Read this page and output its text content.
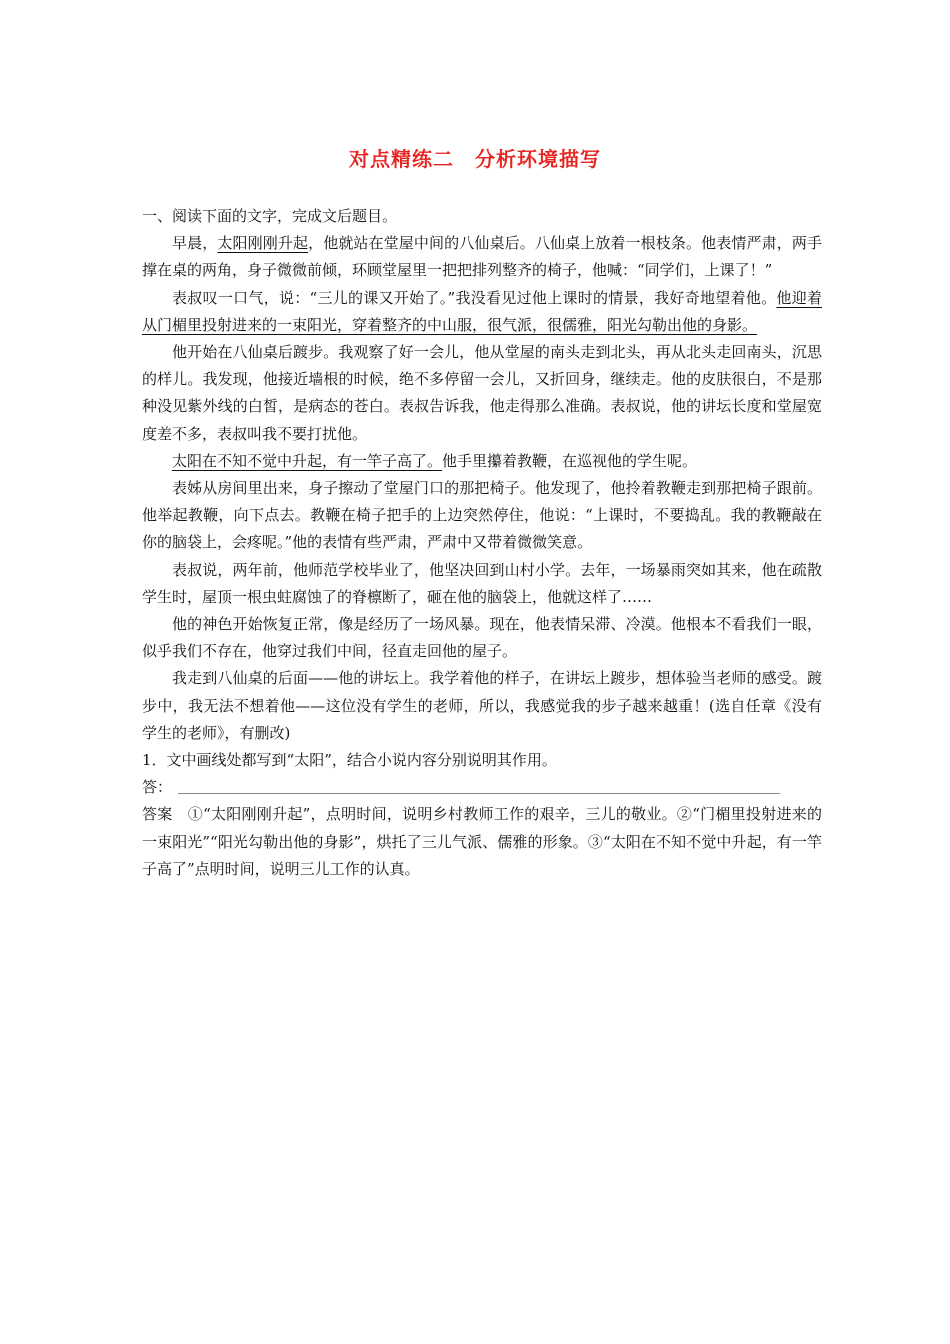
对点精练二　分析环境描写

一、阅读下面的文字，完成文后题目。

早晨，太阳刚刚升起，他就站在堂屋中间的八仙桌后。八仙桌上放着一根枝条。他表情严肃，两手撑在桌的两角，身子微微前倾，环顾堂屋里一把把排列整齐的椅子，他喊：“同学们，上课了！”

表叔叹一口气，说：“三儿的课又开始了。”我没看见过他上课时的情景，我好奇地望着他。他迎着从门楣里投射进来的一束阳光，穿着整齐的中山服，很气派，很儒雅，阳光勾勒出他的身影。

他开始在八仙桌后踱步。我观察了好一会儿，他从堂屋的南头走到北头，再从北头走回南头，沉思的样儿。我发现，他接近墙根的时候，绝不多停留一会儿，又折回身，继续走。他的皮肤很白，不是那种没见紫外线的白皙，是病态的苍白。表叔告诉我，他走得那么准确。表叔说，他的讲坛长度和堂屋宽度差不多，表叔叫我不要打扰他。

太阳在不知不觉中升起，有一竿子高了。他手里攥着教鞭，在巡视他的学生呢。

表姊从房间里出来，身子擦动了堂屋门口的那把椅子。他发现了，他拎着教鞭走到那把椅子跟前。他举起教鞭，向下点去。教鞭在椅子把手的上边突然停住，他说：“上课时，不要捣乱。我的教鞭敲在你的脑袋上，会疼呢。”他的表情有些严肃，严肃中又带着微微笑意。

表叔说，两年前，他师范学校毕业了，他坚决回到山村小学。去年，一场暴雨突如其来，他在疏散学生时，屋顶一根虫蛀腐蚀了的脊檩断了，砸在他的脑袋上，他就这样了……

他的神色开始恢复正常，像是经历了一场风暴。现在，他表情呆滞、冷漠。他根本不看我们一眼，似乎我们不存在，他穿过我们中间，径直走回他的屋子。

我走到八仙桌的后面——他的讲坛上。我学着他的样子，在讲坛上踱步，想体验当老师的感受。踱步中，我无法不想着他——这位没有学生的老师，所以，我感觉我的步子越来越重！(选自任章《没有学生的老师》，有删改)

1．文中画线处都写到“太阳”，结合小说内容分别说明其作用。

答：

答案　①“太阳刚刚升起”，点明时间，说明乡村教师工作的艰辛，三儿的敬业。②“门楣里投射进来的一束阳光”“阳光勾勒出他的身影”，烘托了三儿气派、儒雅的形象。③“太阳在不知不觉中升起，有一竿子高了”点明时间，说明三儿工作的认真。
